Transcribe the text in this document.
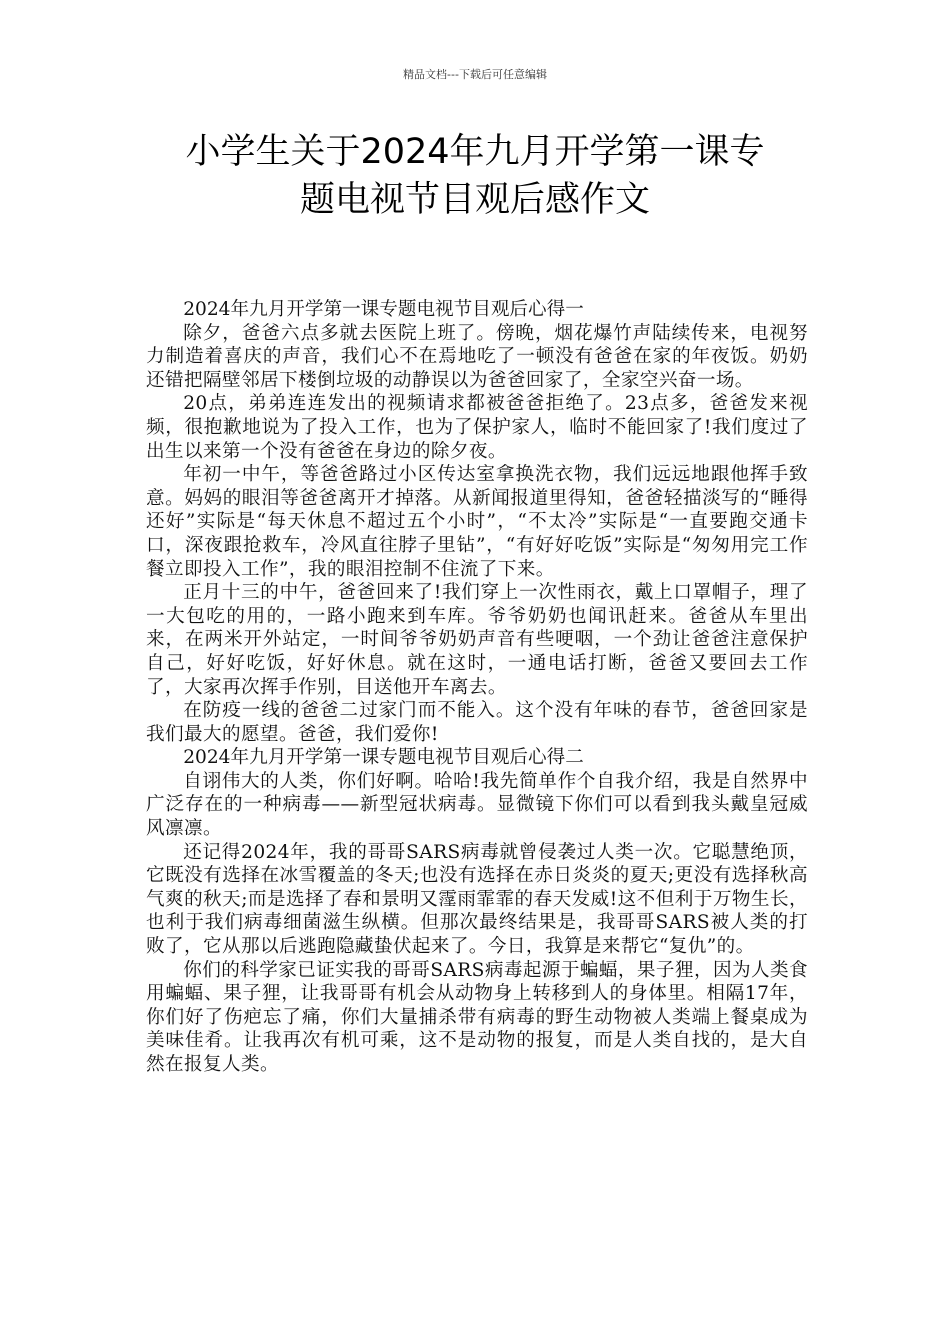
精品文档---下载后可任意编辑
小学生关于2024年九月开学第一课专
题电视节目观后感作文

2024年九月开学第一课专题电视节目观后心得一

除夕，爸爸六点多就去医院上班了。傍晚，烟花爆竹声陆续传来，电视努力制造着喜庆的声音，我们心不在焉地吃了一顿没有爸爸在家的年夜饭。奶奶还错把隔壁邻居下楼倒垃圾的动静误以为爸爸回家了，全家空兴奋一场。

20点，弟弟连连发出的视频请求都被爸爸拒绝了。23点多，爸爸发来视频，很抱歉地说为了投入工作，也为了保护家人，临时不能回家了!我们度过了出生以来第一个没有爸爸在身边的除夕夜。

年初一中午，等爸爸路过小区传达室拿换洗衣物，我们远远地跟他挥手致意。妈妈的眼泪等爸爸离开才掉落。从新闻报道里得知，爸爸轻描淡写的“睡得还好”实际是“每天休息不超过五个小时”，“不太冷”实际是“一直要跑交通卡口，深夜跟抢救车，冷风直往脖子里钻”，“有好好吃饭”实际是“匆匆用完工作餐立即投入工作”，我的眼泪控制不住流了下来。

正月十三的中午，爸爸回来了!我们穿上一次性雨衣，戴上口罩帽子，理了一大包吃的用的，一路小跑来到车库。爷爷奶奶也闻讯赶来。爸爸从车里出来，在两米开外站定，一时间爷爷奶奶声音有些哽咽，一个劲让爸爸注意保护自己，好好吃饭，好好休息。就在这时，一通电话打断，爸爸又要回去工作了，大家再次挥手作别，目送他开车离去。

在防疫一线的爸爸二过家门而不能入。这个没有年味的春节，爸爸回家是我们最大的愿望。爸爸，我们爱你!

2024年九月开学第一课专题电视节目观后心得二

自诩伟大的人类，你们好啊。哈哈!我先简单作个自我介绍，我是自然界中广泛存在的一种病毒——新型冠状病毒。显微镜下你们可以看到我头戴皇冠威风凛凛。

还记得2024年，我的哥哥SARS病毒就曾侵袭过人类一次。它聪慧绝顶，它既没有选择在冰雪覆盖的冬天;也没有选择在赤日炎炎的夏天;更没有选择秋高气爽的秋天;而是选择了春和景明又霪雨霏霏的春天发威!这不但利于万物生长，也利于我们病毒细菌滋生纵横。但那次最终结果是，我哥哥SARS被人类的打败了，它从那以后逃跑隐藏蛰伏起来了。今日，我算是来帮它“复仇”的。

你们的科学家已证实我的哥哥SARS病毒起源于蝙蝠，果子狸，因为人类食用蝙蝠、果子狸，让我哥哥有机会从动物身上转移到人的身体里。相隔17年，你们好了伤疤忘了痛，你们大量捕杀带有病毒的野生动物被人类端上餐桌成为美味佳肴。让我再次有机可乘，这不是动物的报复，而是人类自找的，是大自然在报复人类。
